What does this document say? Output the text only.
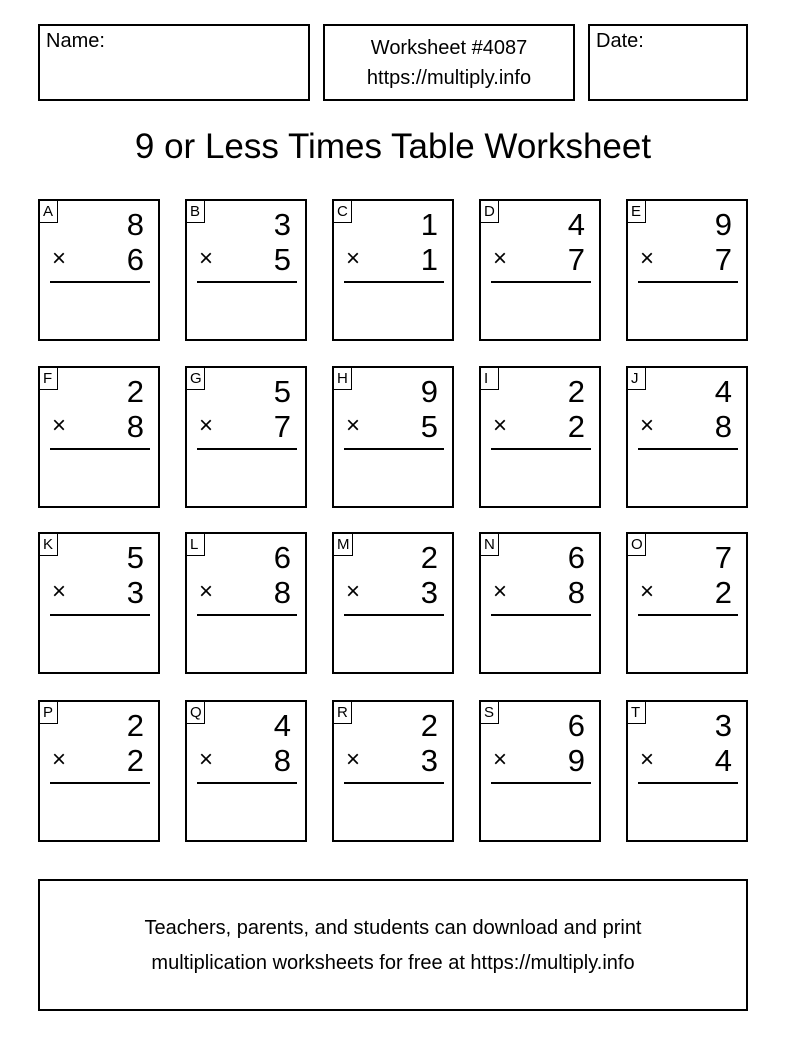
Name:	Worksheet #4087
https://multiply.info
Date:
9 or Less Times Table Worksheet
A 8
× 6
B 3
× 5
C 1
× 1
D 4
× 7
E 9
× 7
F 2
× 8
G 5
× 7
H 9
× 5
I	2
× 2
J 4
× 8
K 5
× 3
L 6
× 8
M 2
× 3
N 6
× 8
O 7
× 2
P 2
× 2
Q 4
× 8
R 2
× 3
S 6
× 9
T 3
× 4
Teachers, parents, and students can download and print
multiplication worksheets for free at https://multiply.info
